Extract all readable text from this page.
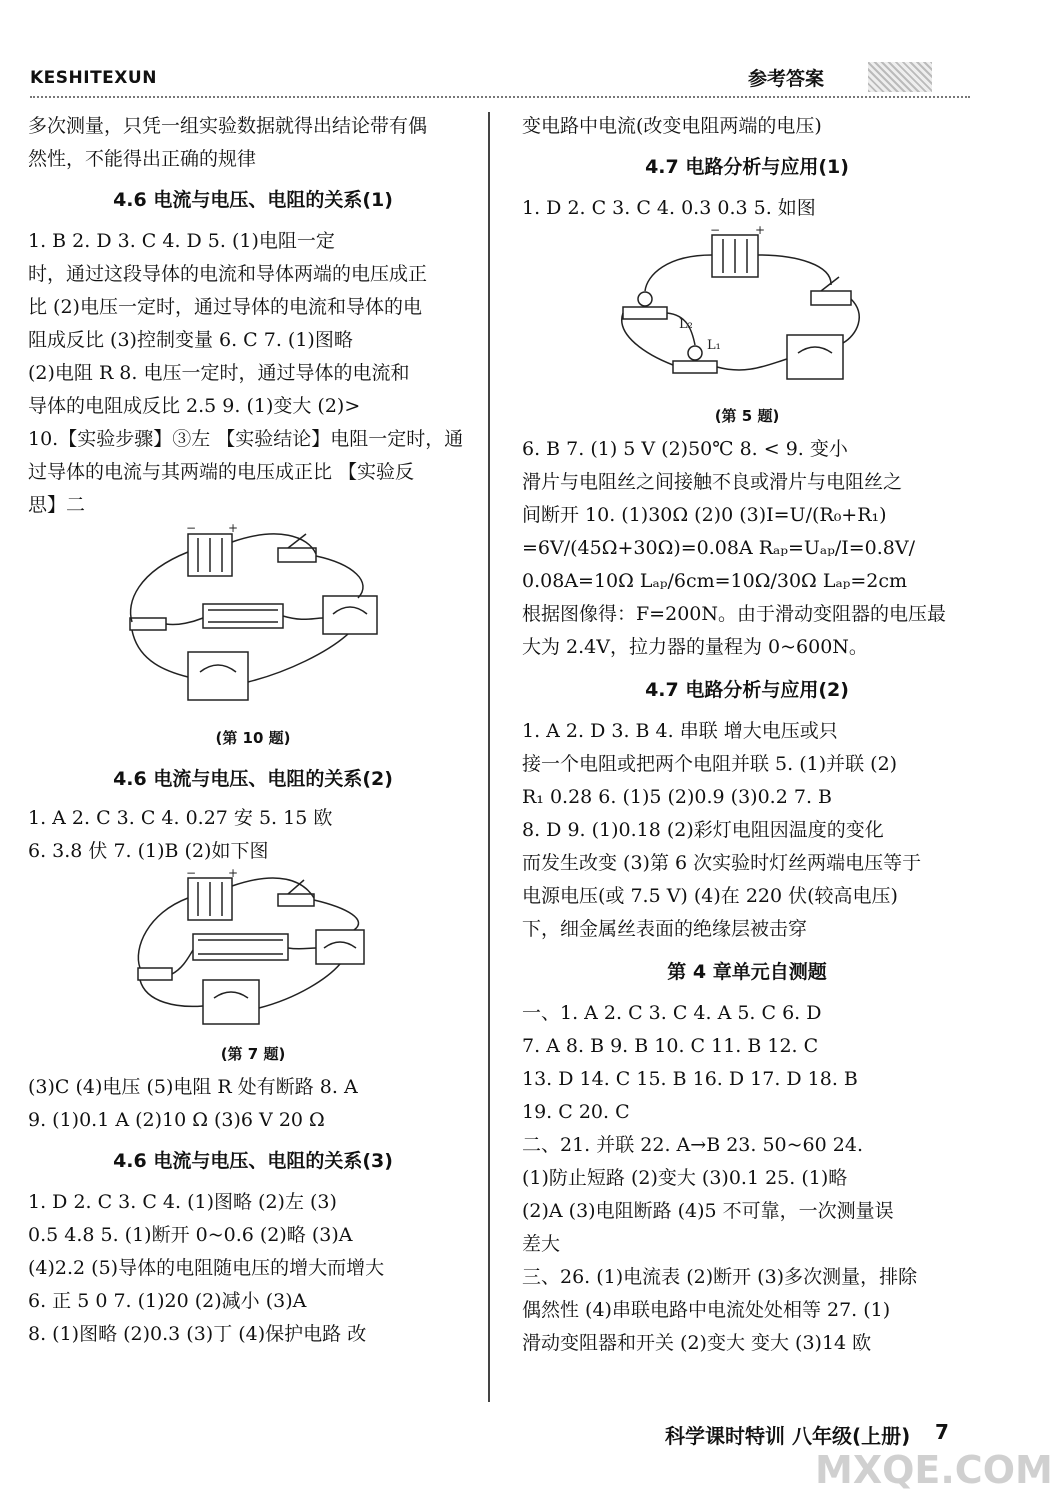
KESHITEXUN	参考答案
多次测量，只凭一组实验数据就得出结论带有偶
然性，不能得出正确的规律
4.6 电流与电压、电阻的关系(1)
1. B 2. D 3. C 4. D 5. (1)电阻一定
时，通过这段导体的电流和导体两端的电压成正
比 (2)电压一定时，通过导体的电流和导体的电
阻成反比 (3)控制变量 6. C 7. (1)图略
(2)电阻 R 8. 电压一定时，通过导体的电流和
导体的电阻成反比 2.5 9. (1)变大 (2)>
10.【实验步骤】③左 【实验结论】电阻一定时，通
过导体的电流与其两端的电压成正比 【实验反
思】二
−	+
(第 10 题)
4.6 电流与电压、电阻的关系(2)
1. A 2. C 3. C 4. 0.27 安 5. 15 欧
6. 3.8 伏 7. (1)B (2)如下图
−	+
(第 7 题)
(3)C (4)电压 (5)电阻 R 处有断路 8. A
9. (1)0.1 A (2)10 Ω (3)6 V 20 Ω
4.6 电流与电压、电阻的关系(3)
1. D 2. C 3. C 4. (1)图略 (2)左 (3)
0.5 4.8 5. (1)断开 0~0.6 (2)略 (3)A
(4)2.2 (5)导体的电阻随电压的增大而增大
6. 正 5 0 7. (1)20 (2)减小 (3)A
8. (1)图略 (2)0.3 (3)丁 (4)保护电路 改
变电路中电流(改变电阻两端的电压)
4.7 电路分析与应用(1)
1. D 2. C 3. C 4. 0.3 0.3 5. 如图
−	+
L₂
L₁
(第 5 题)
6. B 7. (1) 5 V (2)50℃ 8. < 9. 变小
滑片与电阻丝之间接触不良或滑片与电阻丝之
间断开 10. (1)30Ω (2)0 (3)I=U/(R₀+R₁)
=6V/(45Ω+30Ω)=0.08A Rₐₚ=Uₐₚ/I=0.8V/
0.08A=10Ω Lₐₚ/6cm=10Ω/30Ω Lₐₚ=2cm
根据图像得：F=200N。由于滑动变阻器的电压最
大为 2.4V，拉力器的量程为 0~600N。
4.7 电路分析与应用(2)
1. A 2. D 3. B 4. 串联 增大电压或只
接一个电阻或把两个电阻并联 5. (1)并联 (2)
R₁ 0.28 6. (1)5 (2)0.9 (3)0.2 7. B
8. D 9. (1)0.18 (2)彩灯电阻因温度的变化
而发生改变 (3)第 6 次实验时灯丝两端电压等于
电源电压(或 7.5 V) (4)在 220 伏(较高电压)
下，细金属丝表面的绝缘层被击穿
第 4 章单元自测题
一、1. A 2. C 3. C 4. A 5. C 6. D
7. A 8. B 9. B 10. C 11. B 12. C
13. D 14. C 15. B 16. D 17. D 18. B
19. C 20. C
二、21. 并联 22. A→B 23. 50~60 24.
(1)防止短路 (2)变大 (3)0.1 25. (1)略
(2)A (3)电阻断路 (4)5 不可靠，一次测量误
差大
三、26. (1)电流表 (2)断开 (3)多次测量，排除
偶然性 (4)串联电路中电流处处相等 27. (1)
滑动变阻器和开关 (2)变大 变大 (3)14 欧
科学课时特训 八年级(上册) 7
MXQE.COM
